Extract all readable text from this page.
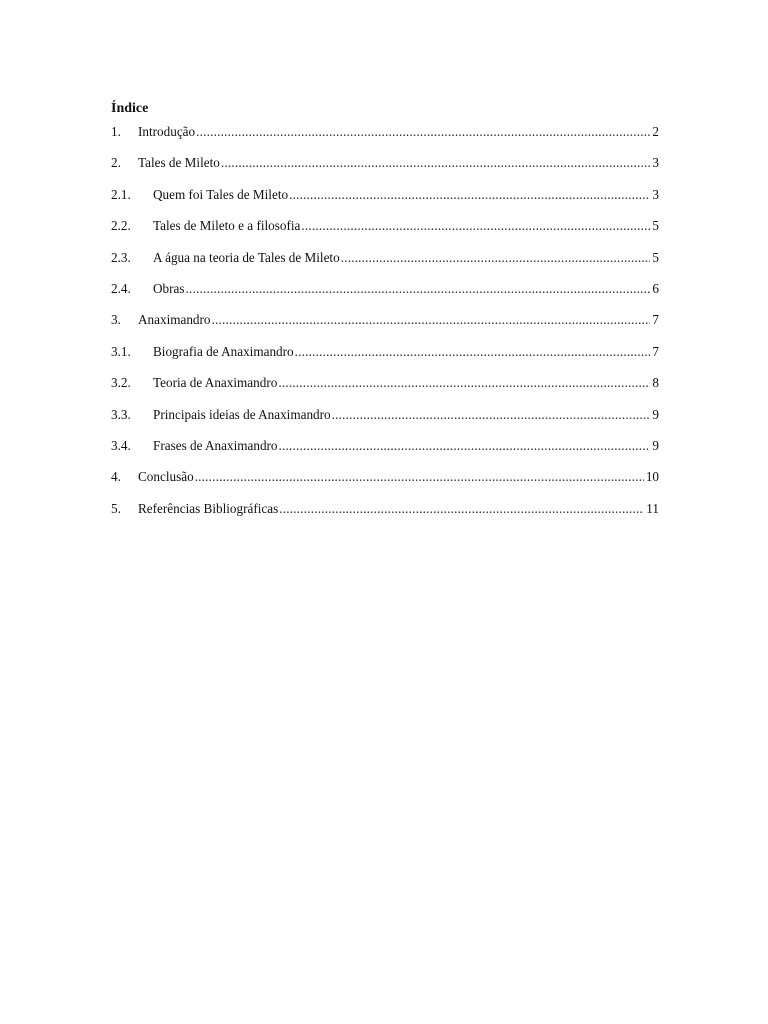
Índice
1.	Introdução .....	2
2.	Tales de Mileto .....	3
2.1.	Quem foi Tales de Mileto .....	3
2.2.	Tales de Mileto e a filosofia .....	5
2.3.	A água na teoria de Tales de Mileto .....	5
2.4.	Obras .....	6
3.	Anaximandro .....	7
3.1.	Biografia de Anaximandro .....	7
3.2.	Teoria de Anaximandro .....	8
3.3.	Principais ideias de Anaximandro .....	9
3.4.	Frases de Anaximandro .....	9
4.	Conclusão .....	10
5.	Referências Bibliográficas .....	11
